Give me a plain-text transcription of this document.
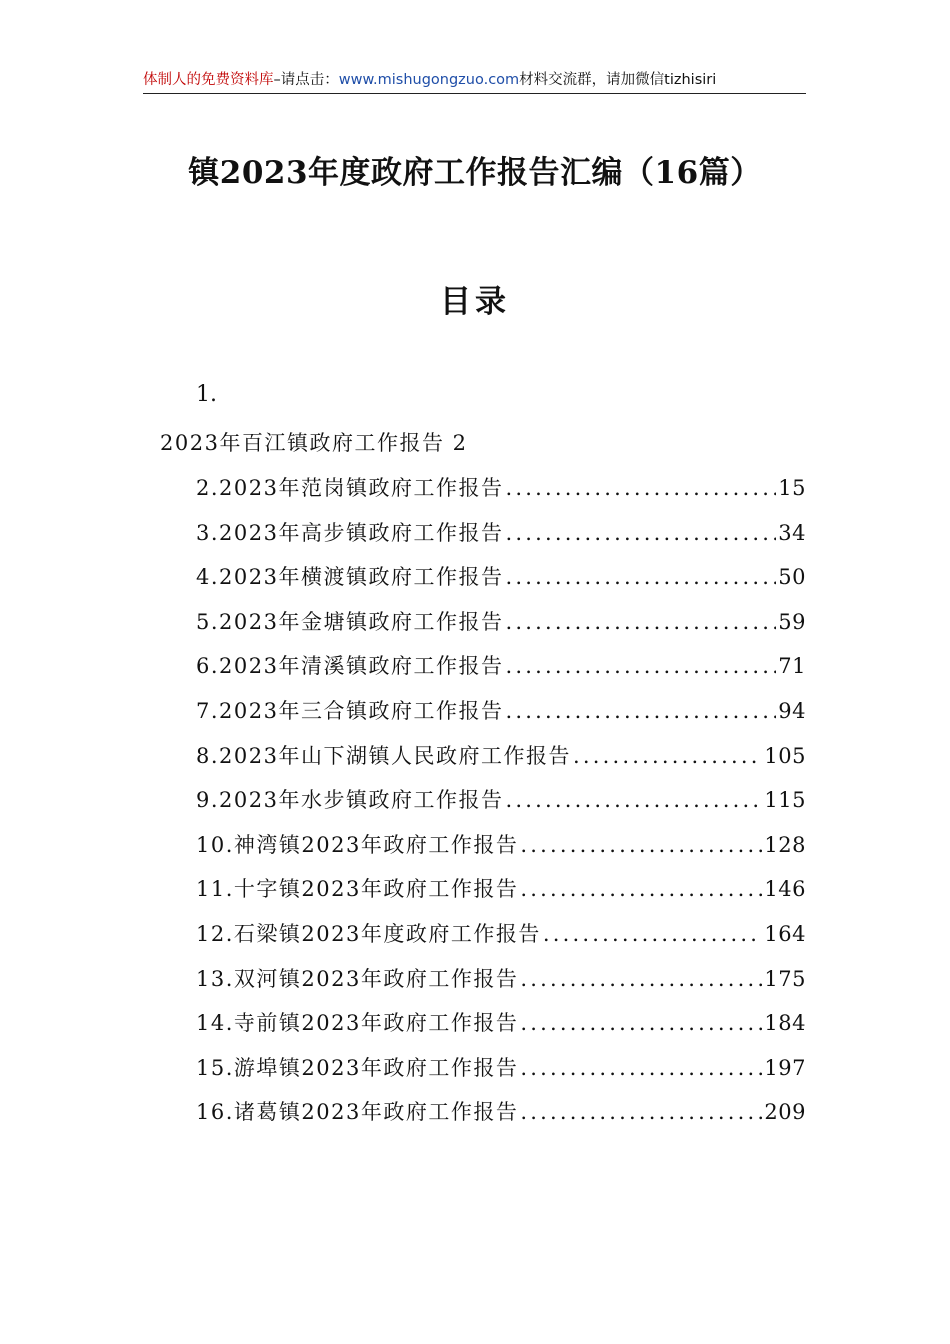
体制人的免费资料库–请点击：www.mishugongzuo.com材料交流群，请加微信tizhisiri
镇2023年度政府工作报告汇编（16篇）
目录
1.
2023年百江镇政府工作报告 2
2. 2023年范岗镇政府工作报告 .....	15
3. 2023年高步镇政府工作报告 .....	34
4. 2023年横渡镇政府工作报告 .....	50
5. 2023年金塘镇政府工作报告 .....	59
6. 2023年清溪镇政府工作报告 .....	71
7. 2023年三合镇政府工作报告 .....	94
8. 2023年山下湖镇人民政府工作报告 .....	105
9. 2023年水步镇政府工作报告 .....	115
10. 神湾镇2023年政府工作报告 .....	128
11. 十字镇2023年政府工作报告 .....	146
12. 石梁镇2023年度政府工作报告 .....	164
13. 双河镇2023年政府工作报告 .....	175
14. 寺前镇2023年政府工作报告 .....	184
15. 游埠镇2023年政府工作报告 .....	197
16. 诸葛镇2023年政府工作报告 .....	209
